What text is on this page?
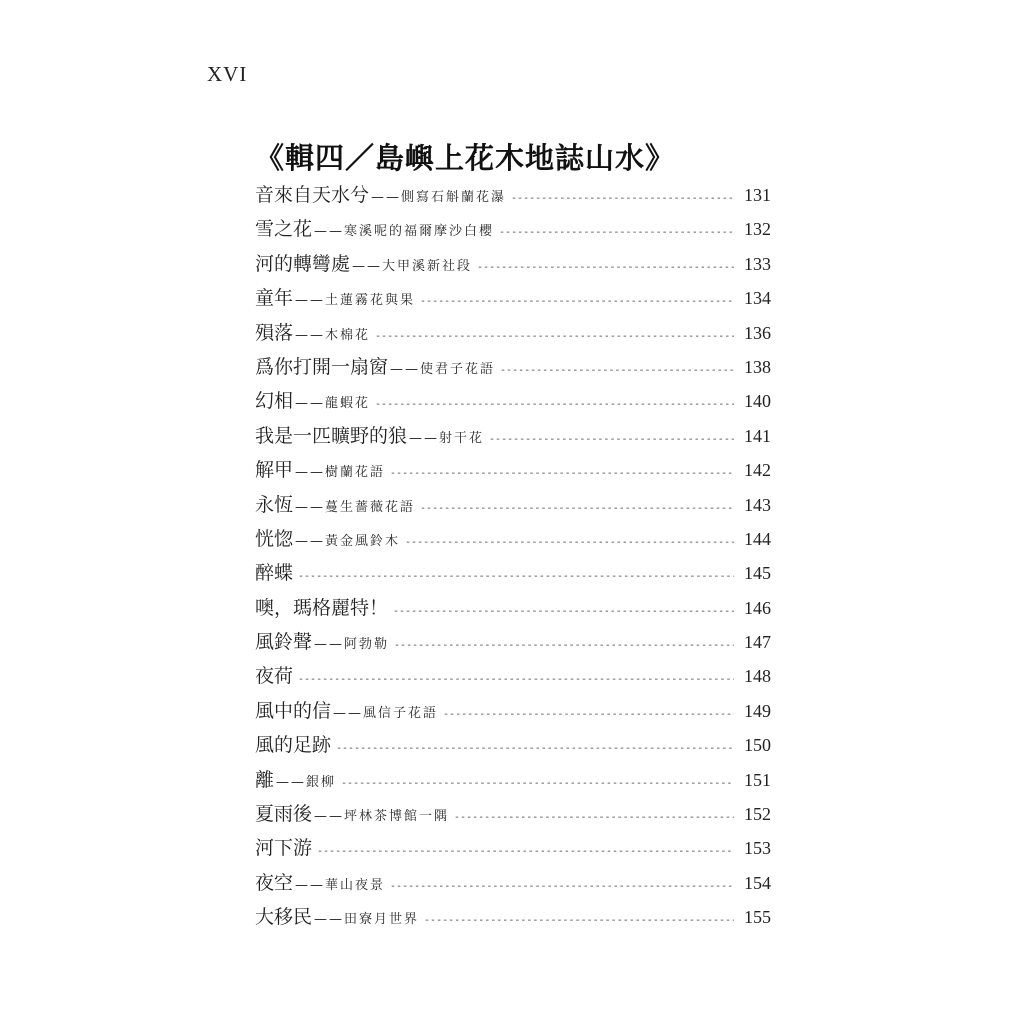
XVI
《輯四／島嶼上花木地誌山水》
音來自天水兮 ——側寫石斛蘭花瀑 -----	131
雪之花 ——寒溪呢的福爾摩沙白櫻 -----	132
河的轉彎處 ——大甲溪新社段 -----	133
童年 ——土蓮霧花與果 -----	134
殞落 ——木棉花 -----	136
爲你打開一扇窗 ——使君子花語 -----	138
幻相 ——龍蝦花 -----	140
我是一匹曠野的狼 ——射干花 -----	141
解甲 ——樹蘭花語 -----	142
永恆 ——蔓生薔薇花語 -----	143
恍惚 ——黃金風鈴木 -----	144
醉蝶 -----	145
噢，瑪格麗特！ -----	146
風鈴聲 ——阿勃勒 -----	147
夜荷 -----	148
風中的信 ——風信子花語 -----	149
風的足跡 -----	150
離 ——銀柳 -----	151
夏雨後 ——坪林茶博館一隅 -----	152
河下游 -----	153
夜空 ——華山夜景 -----	154
大移民 ——田寮月世界 -----	155
